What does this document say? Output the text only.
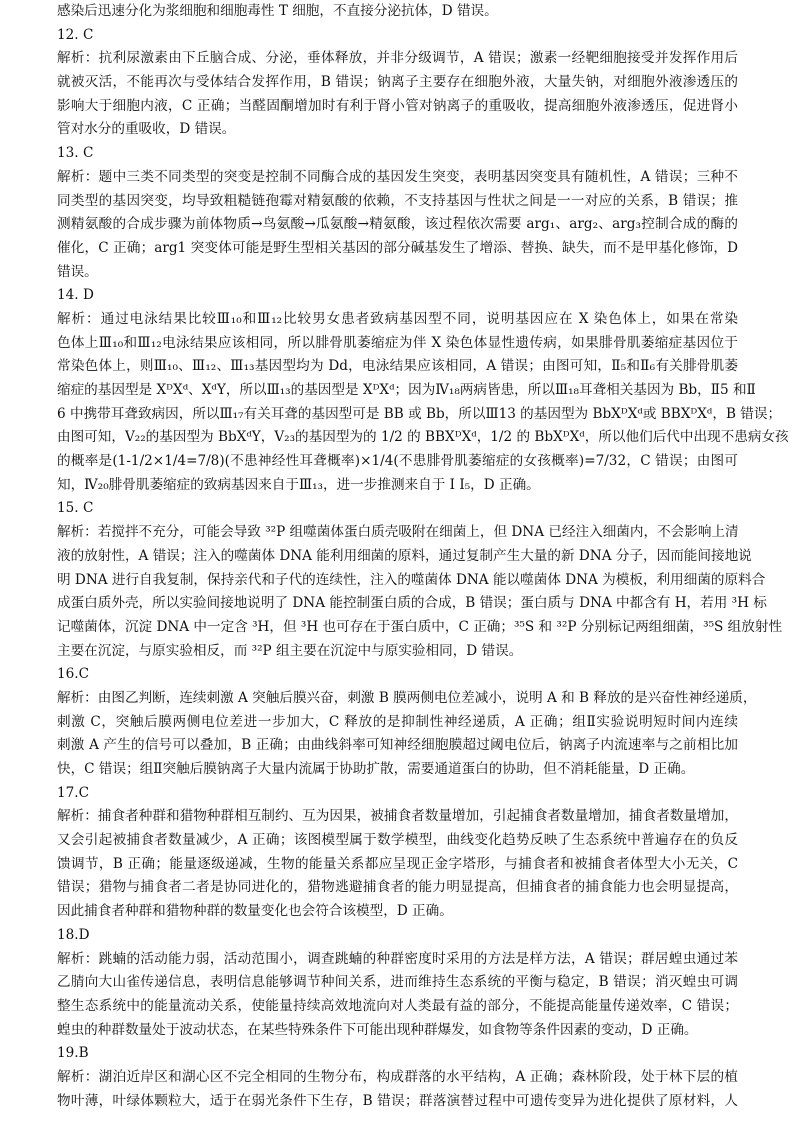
感染后迅速分化为浆细胞和细胞毒性 T 细胞，不直接分泌抗体，D 错误。
12. C
解析：抗利尿激素由下丘脑合成、分泌，垂体释放，并非分级调节，A 错误；激素一经靶细胞接受并发挥作用后
就被灭活，不能再次与受体结合发挥作用，B 错误；钠离子主要存在细胞外液，大量失钠，对细胞外液渗透压的
影响大于细胞内液，C 正确；当醛固酮增加时有利于肾小管对钠离子的重吸收，提高细胞外液渗透压，促进肾小
管对水分的重吸收，D 错误。
13. C
解析：题中三类不同类型的突变是控制不同酶合成的基因发生突变，表明基因突变具有随机性，A 错误；三种不
同类型的基因突变，均导致粗糙链孢霉对精氨酸的依赖，不支持基因与性状之间是一一对应的关系，B 错误；推
测精氨酸的合成步骤为前体物质→鸟氨酸→瓜氨酸→精氨酸，该过程依次需要 arg₁、arg₂、arg₃控制合成的酶的
催化，C 正确；arg1 突变体可能是野生型相关基因的部分碱基发生了增添、替换、缺失，而不是甲基化修饰，D
错误。
14. D
解析：通过电泳结果比较Ⅲ₁₀和Ⅲ₁₂比较男女患者致病基因型不同，说明基因应在 X 染色体上，如果在常染
色体上Ⅲ₁₀和Ⅲ₁₂电泳结果应该相同，所以腓骨肌萎缩症为伴 X 染色体显性遗传病，如果腓骨肌萎缩症基因位于
常染色体上，则Ⅲ₁₀、Ⅲ₁₂、Ⅲ₁₃基因型均为 Dd，电泳结果应该相同，A 错误；由图可知，Ⅱ₅和Ⅱ₆有关腓骨肌萎
缩症的基因型是 XᴰXᵈ、XᵈY，所以Ⅲ₁₃的基因型是 XᴰXᵈ；因为Ⅳ₁₈两病皆患，所以Ⅲ₁₈耳聋相关基因为 Bb，Ⅱ5 和Ⅱ
6 中携带耳聋致病因，所以Ⅲ₁₇有关耳聋的基因型可是 BB 或 Bb，所以Ⅲ13 的基因型为 BbXᴰXᵈ或 BBXᴰXᵈ，B 错误；
由图可知，V₂₂的基因型为 BbXᵈY，V₂₃的基因型为的 1/2 的 BBXᴰXᵈ，1/2 的 BbXᴰXᵈ，所以他们后代中出现不患病女孩
的概率是(1-1/2×1/4=7/8)(不患神经性耳聋概率)×1/4(不患腓骨肌萎缩症的女孩概率)=7/32，C 错误；由图可
知，Ⅳ₂₀腓骨肌萎缩症的致病基因来自于Ⅲ₁₃，进一步推测来自于 I I₅，D 正确。
15. C
解析：若搅拌不充分，可能会导致 ³²P 组噬菌体蛋白质壳吸附在细菌上，但 DNA 已经注入细菌内，不会影响上清
液的放射性，A 错误；注入的噬菌体 DNA 能利用细菌的原料，通过复制产生大量的新 DNA 分子，因而能间接地说
明 DNA 进行自我复制，保持亲代和子代的连续性，注入的噬菌体 DNA 能以噬菌体 DNA 为模板，利用细菌的原料合
成蛋白质外壳，所以实验间接地说明了 DNA 能控制蛋白质的合成，B 错误；蛋白质与 DNA 中都含有 H，若用 ³H 标
记噬菌体，沉淀 DNA 中一定含 ³H，但 ³H 也可存在于蛋白质中，C 正确；³⁵S 和 ³²P 分别标记两组细菌，³⁵S 组放射性
主要在沉淀，与原实验相反，而 ³²P 组主要在沉淀中与原实验相同，D 错误。
16.C
解析：由图乙判断，连续刺激 A 突触后膜兴奋，刺激 B 膜两侧电位差减小，说明 A 和 B 释放的是兴奋性神经递质，
刺激 C，突触后膜两侧电位差进一步加大，C 释放的是抑制性神经递质，A 正确；组Ⅱ实验说明短时间内连续
刺激 A 产生的信号可以叠加，B 正确；由曲线斜率可知神经细胞膜超过阈电位后，钠离子内流速率与之前相比加
快，C 错误；组Ⅱ突触后膜钠离子大量内流属于协助扩散，需要通道蛋白的协助，但不消耗能量，D 正确。
17.C
解析：捕食者种群和猎物种群相互制约、互为因果，被捕食者数量增加，引起捕食者数量增加，捕食者数量增加，
又会引起被捕食者数量减少，A 正确；该图模型属于数学模型，曲线变化趋势反映了生态系统中普遍存在的负反
馈调节，B 正确；能量逐级递减，生物的能量关系都应呈现正金字塔形，与捕食者和被捕食者体型大小无关，C
错误；猎物与捕食者二者是协同进化的，猎物逃避捕食者的能力明显提高，但捕食者的捕食能力也会明显提高，
因此捕食者种群和猎物种群的数量变化也会符合该模型，D 正确。
18.D
解析：跳蝻的活动能力弱，活动范围小，调查跳蝻的种群密度时采用的方法是样方法，A 错误；群居蝗虫通过苯
乙腈向大山雀传递信息，表明信息能够调节种间关系，进而维持生态系统的平衡与稳定，B 错误；消灭蝗虫可调
整生态系统中的能量流动关系，使能量持续高效地流向对人类最有益的部分，不能提高能量传递效率，C 错误；
蝗虫的种群数量处于波动状态，在某些特殊条件下可能出现种群爆发，如食物等条件因素的变动，D 正确。
19.B
解析：湖泊近岸区和湖心区不完全相同的生物分布，构成群落的水平结构，A 正确；森林阶段，处于林下层的植
物叶薄，叶绿体颗粒大，适于在弱光条件下生存，B 错误；群落演替过程中可遗传变异为进化提供了原材料，人
